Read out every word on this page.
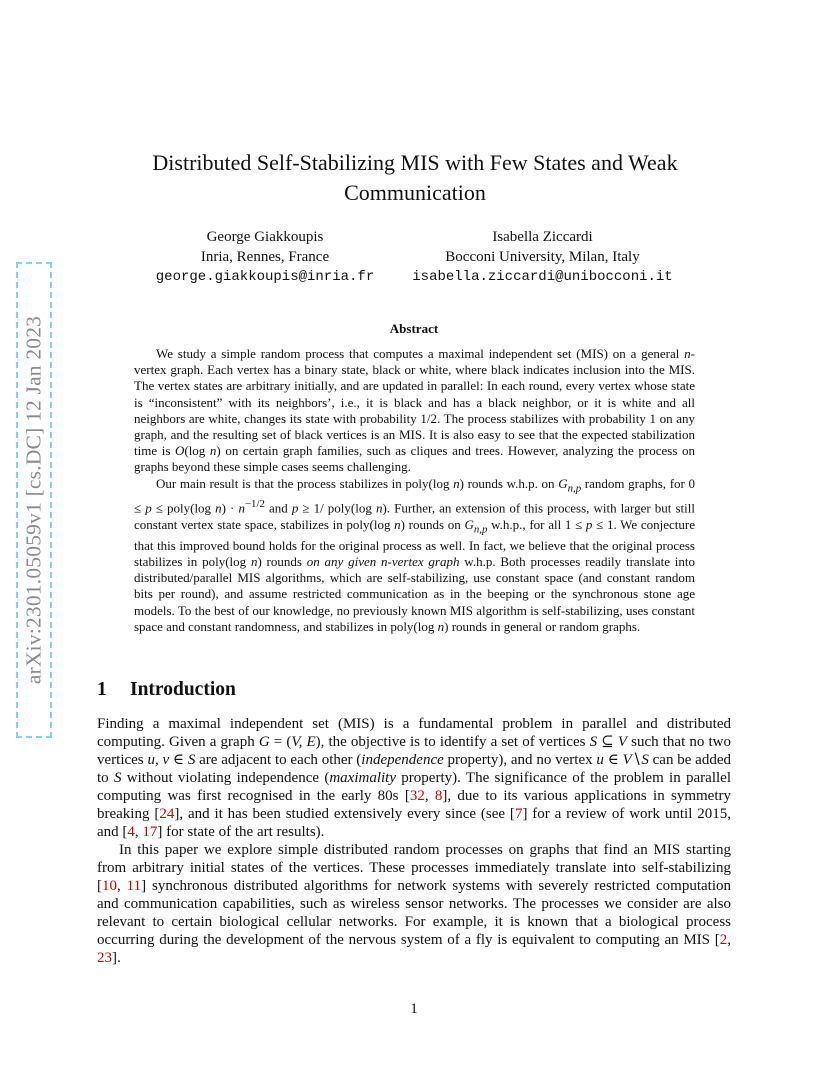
arXiv:2301.05059v1 [cs.DC] 12 Jan 2023
Distributed Self-Stabilizing MIS with Few States and Weak
Communication
George Giakkoupis
Inria, Rennes, France
george.giakkoupis@inria.fr
Isabella Ziccardi
Bocconi University, Milan, Italy
isabella.ziccardi@unibocconi.it
Abstract

We study a simple random process that computes a maximal independent set (MIS) on a general n-vertex graph. Each vertex has a binary state, black or white, where black indicates inclusion into the MIS. The vertex states are arbitrary initially, and are updated in parallel: In each round, every vertex whose state is “inconsistent” with its neighbors’, i.e., it is black and has a black neighbor, or it is white and all neighbors are white, changes its state with probability 1/2. The process stabilizes with probability 1 on any graph, and the resulting set of black vertices is an MIS. It is also easy to see that the expected stabilization time is O(log n) on certain graph families, such as cliques and trees. However, analyzing the process on graphs beyond these simple cases seems challenging.

Our main result is that the process stabilizes in poly(log n) rounds w.h.p. on $G_{n,p}$ random graphs, for 0 ≤ p ≤ poly(log $n) \cdot n^{-1/2}$ and p ≥ 1/ poly(log n). Further, an extension of this process, with larger but still constant vertex state space, stabilizes in poly(log n) rounds on $G_{n,p}$ w.h.p., for all 1 ≤ p ≤ 1. We conjecture that this improved bound holds for the original process as well. In fact, we believe that the original process stabilizes in poly(log n) rounds on any given n-vertex graph w.h.p. Both processes readily translate into distributed/parallel MIS algorithms, which are self-stabilizing, use constant space (and constant random bits per round), and assume restricted communication as in the beeping or the synchronous stone age models. To the best of our knowledge, no previously known MIS algorithm is self-stabilizing, uses constant space and constant randomness, and stabilizes in poly(log n) rounds in general or random graphs.

1 Introduction

Finding a maximal independent set (MIS) is a fundamental problem in parallel and distributed computing. Given a graph G = (V, E), the objective is to identify a set of vertices S ⊆ V such that no two vertices u, v ∈ S are adjacent to each other (independence property), and no vertex u ∈ V∖S can be added to S without violating independence (maximality property). The significance of the problem in parallel computing was first recognised in the early 80s [32, 8], due to its various applications in symmetry breaking [24], and it has been studied extensively every since (see [7] for a review of work until 2015, and [4, 17] for state of the art results).

In this paper we explore simple distributed random processes on graphs that find an MIS starting from arbitrary initial states of the vertices. These processes immediately translate into self-stabilizing [10, 11] synchronous distributed algorithms for network systems with severely restricted computation and communication capabilities, such as wireless sensor networks. The processes we consider are also relevant to certain biological cellular networks. For example, it is known that a biological process occurring during the development of the nervous system of a fly is equivalent to computing an MIS [2, 23].

1
